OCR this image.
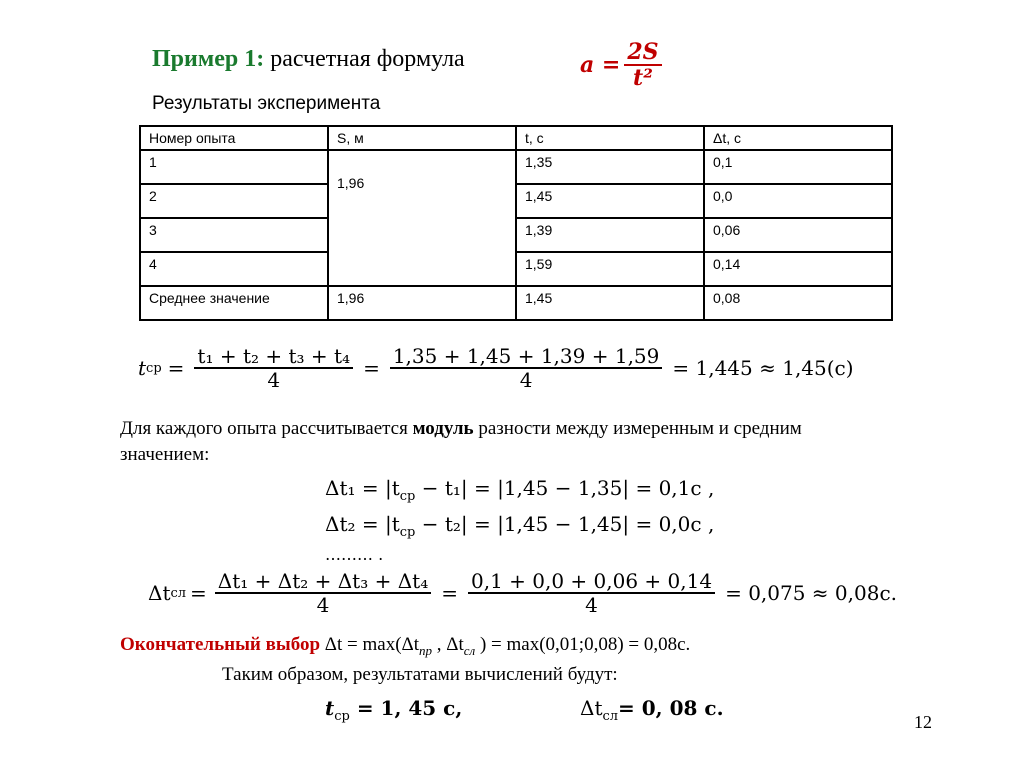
Пример 1: расчетная формула	$a = \frac{2S}{\text{t²}}$
Результаты эксперимента
Номер опыта	S, м	t, c	Δt, c
1	1,96	1,35	0,1
2		1,45	0,0
3		1,39	0,06
4		1,59	0,14
Среднее значение	1,96	1,45	0,08
t ср = $\frac{\text{t₁ + t₂ + t₃ + t₄}}{4} = \frac{1,35 + 1,45 + 1,39 + 1,59}{4} = 1,445 \approx 1,45(с)$
Для каждого опыта рассчитывается модуль разности между измеренным и средним
значением:
$\Delta t_1 = |t_{ср} - t_1| = |1,45 - 1,35| = 0,1с$ ,
$\Delta t_2 = |t_{ср} - t_2| = |1,45 - 1,45| = 0,0с$ ,
……… .
Δt сл = $\frac{\text{Δt₁ + Δt₂ + Δt₃ + Δt₄}}{4} = \frac{0,1 + 0,0 + 0,06 + 0,14}{4} = 0,075 \approx 0,08с$.
Окончательный выбор $\Delta t = \max(\Delta t_{пр}$ , $\Delta t_{сл}$ ) = max(0,01;0,08) = 0,08с.
Таким образом, результатами вычислений будут:
$t_{ср} = 1$, 45 с,	$\Delta t_{сл}= 0$, 08 с.
12
